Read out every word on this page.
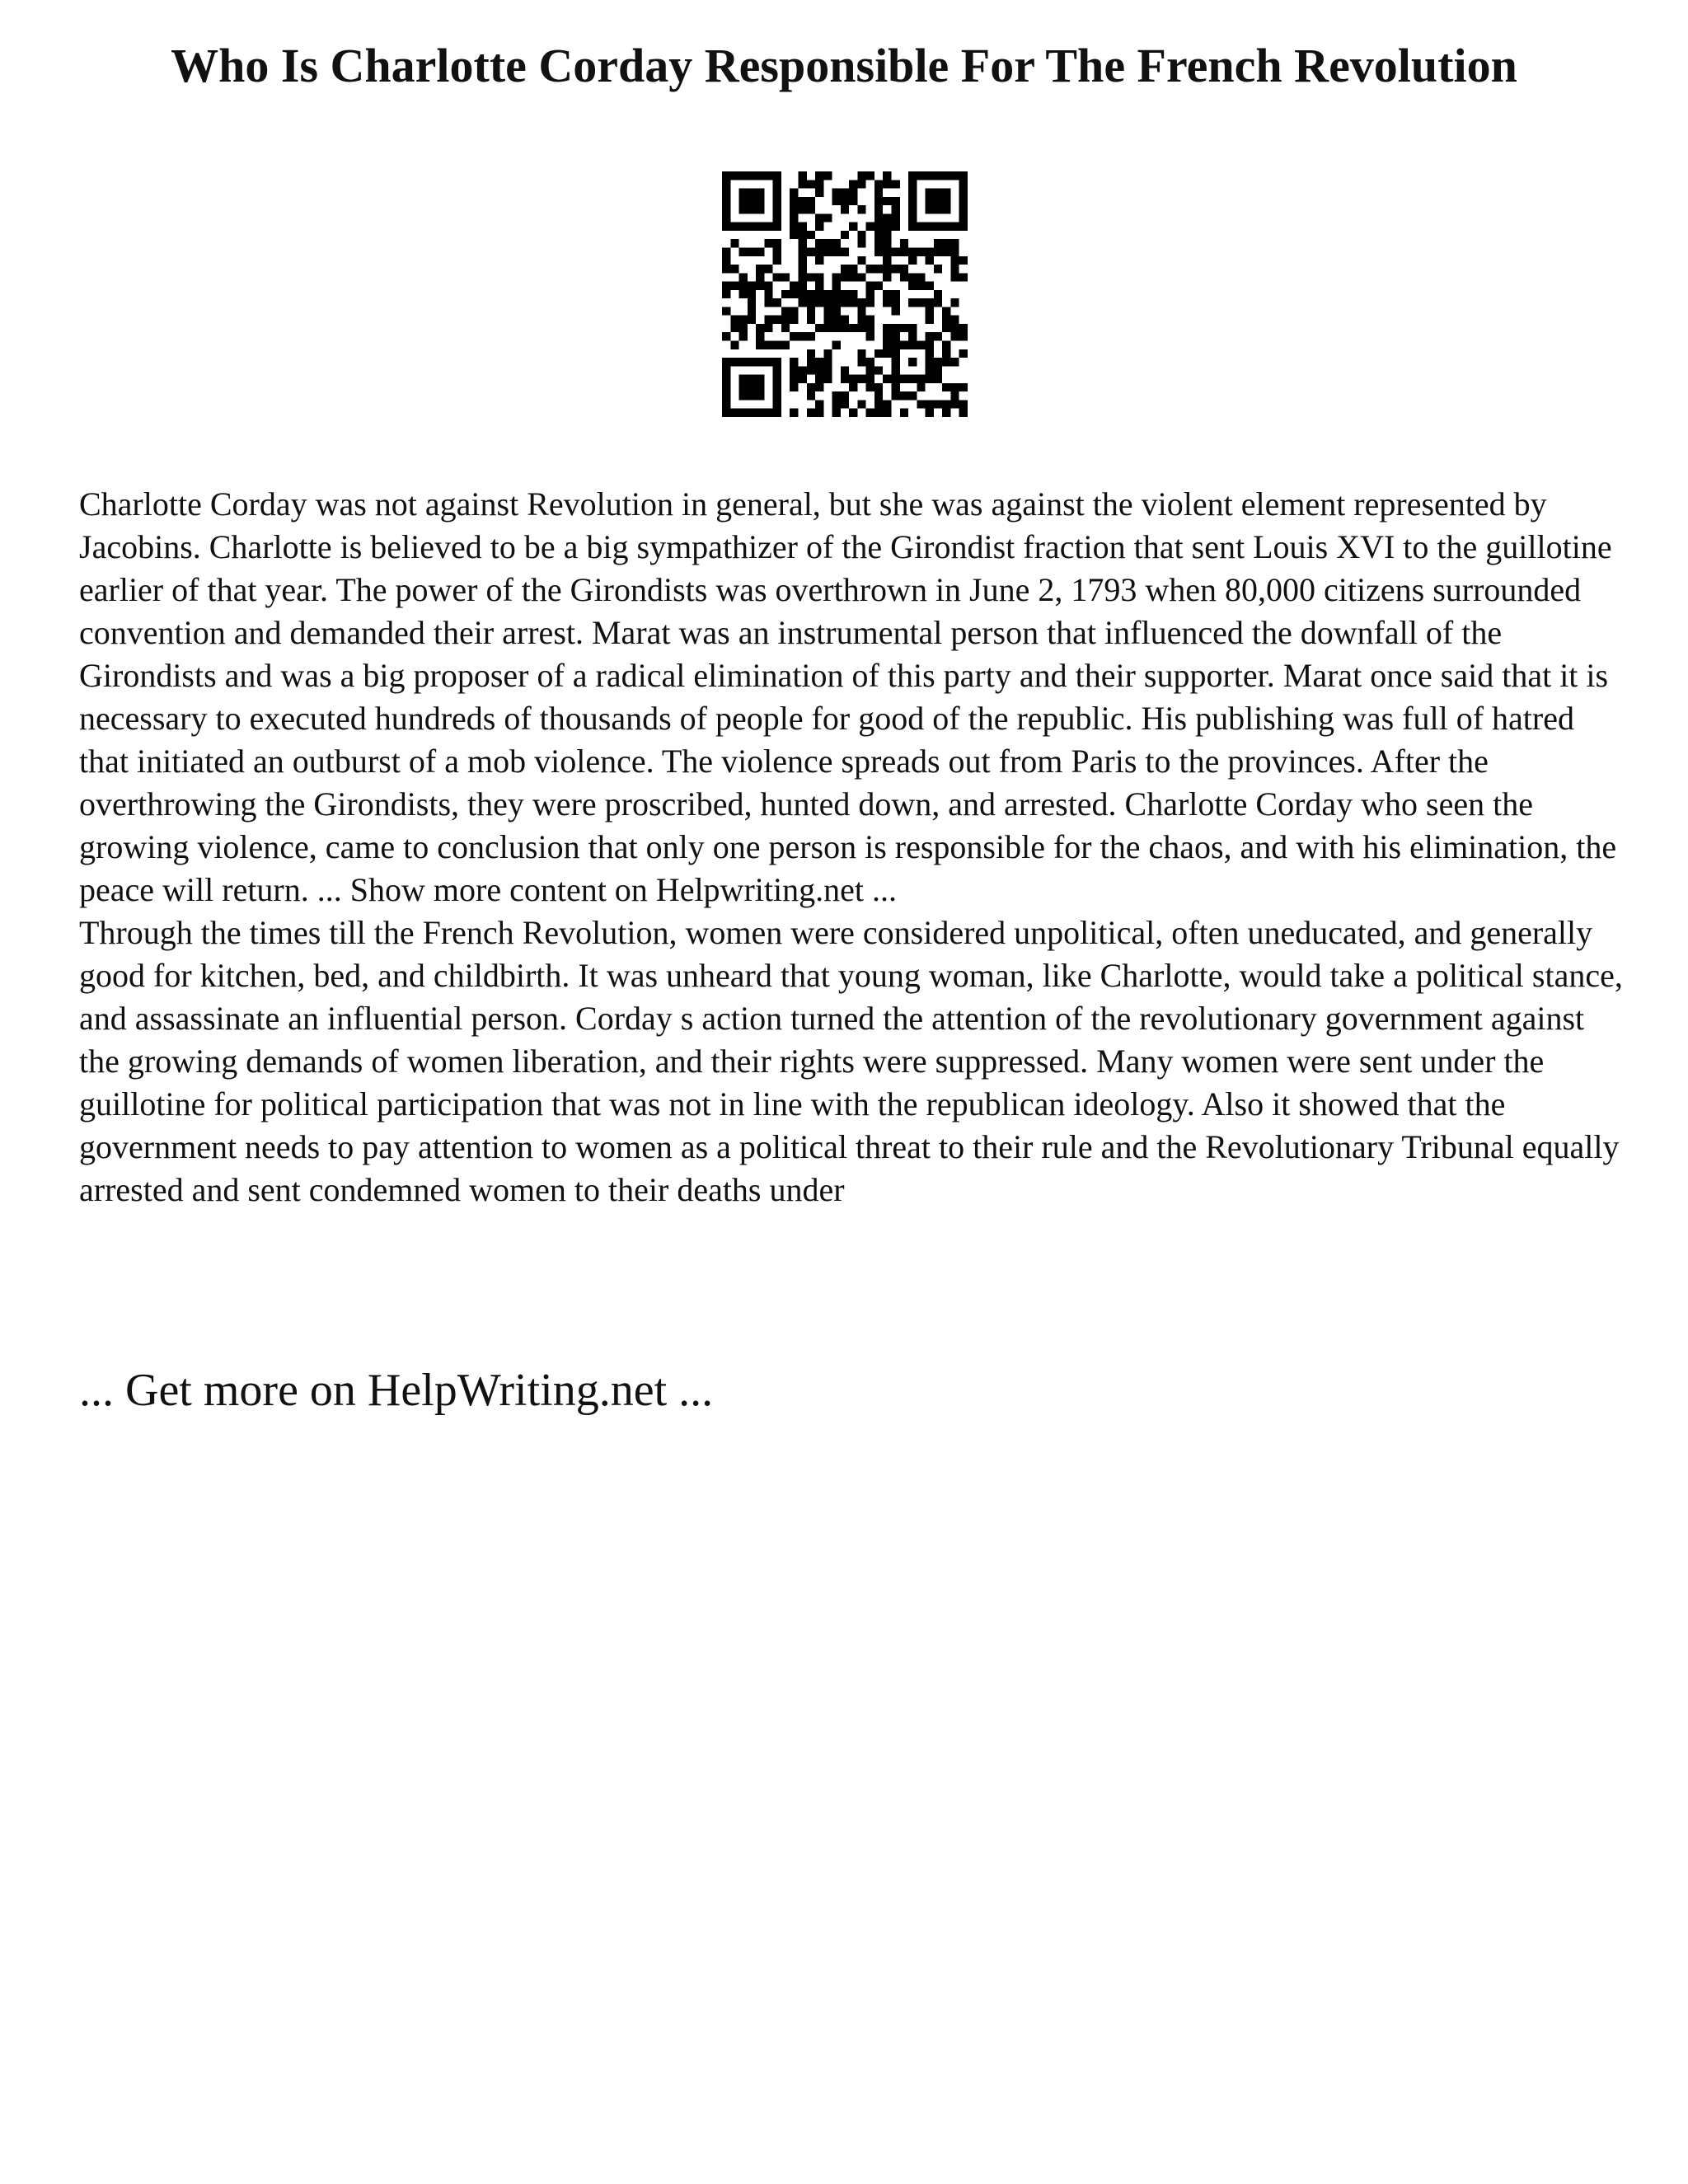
Who Is Charlotte Corday Responsible For The French Revolution

Charlotte Corday was not against Revolution in general, but she was against the violent element represented by Jacobins. Charlotte is believed to be a big sympathizer of the Girondist fraction that sent Louis XVI to the guillotine earlier of that year. The power of the Girondists was overthrown in June 2, 1793 when 80,000 citizens surrounded convention and demanded their arrest. Marat was an instrumental person that influenced the downfall of the Girondists and was a big proposer of a radical elimination of this party and their supporter. Marat once said that it is necessary to executed hundreds of thousands of people for good of the republic. His publishing was full of hatred that initiated an outburst of a mob violence. The violence spreads out from Paris to the provinces. After the overthrowing the Girondists, they were proscribed, hunted down, and arrested. Charlotte Corday who seen the growing violence, came to conclusion that only one person is responsible for the chaos, and with his elimination, the peace will return. ... Show more content on Helpwriting.net ...

Through the times till the French Revolution, women were considered unpolitical, often uneducated, and generally good for kitchen, bed, and childbirth. It was unheard that young woman, like Charlotte, would take a political stance, and assassinate an influential person. Corday s action turned the attention of the revolutionary government against the growing demands of women liberation, and their rights were suppressed. Many women were sent under the guillotine for political participation that was not in line with the republican ideology. Also it showed that the government needs to pay attention to women as a political threat to their rule and the Revolutionary Tribunal equally arrested and sent condemned women to their deaths under

... Get more on HelpWriting.net ...
